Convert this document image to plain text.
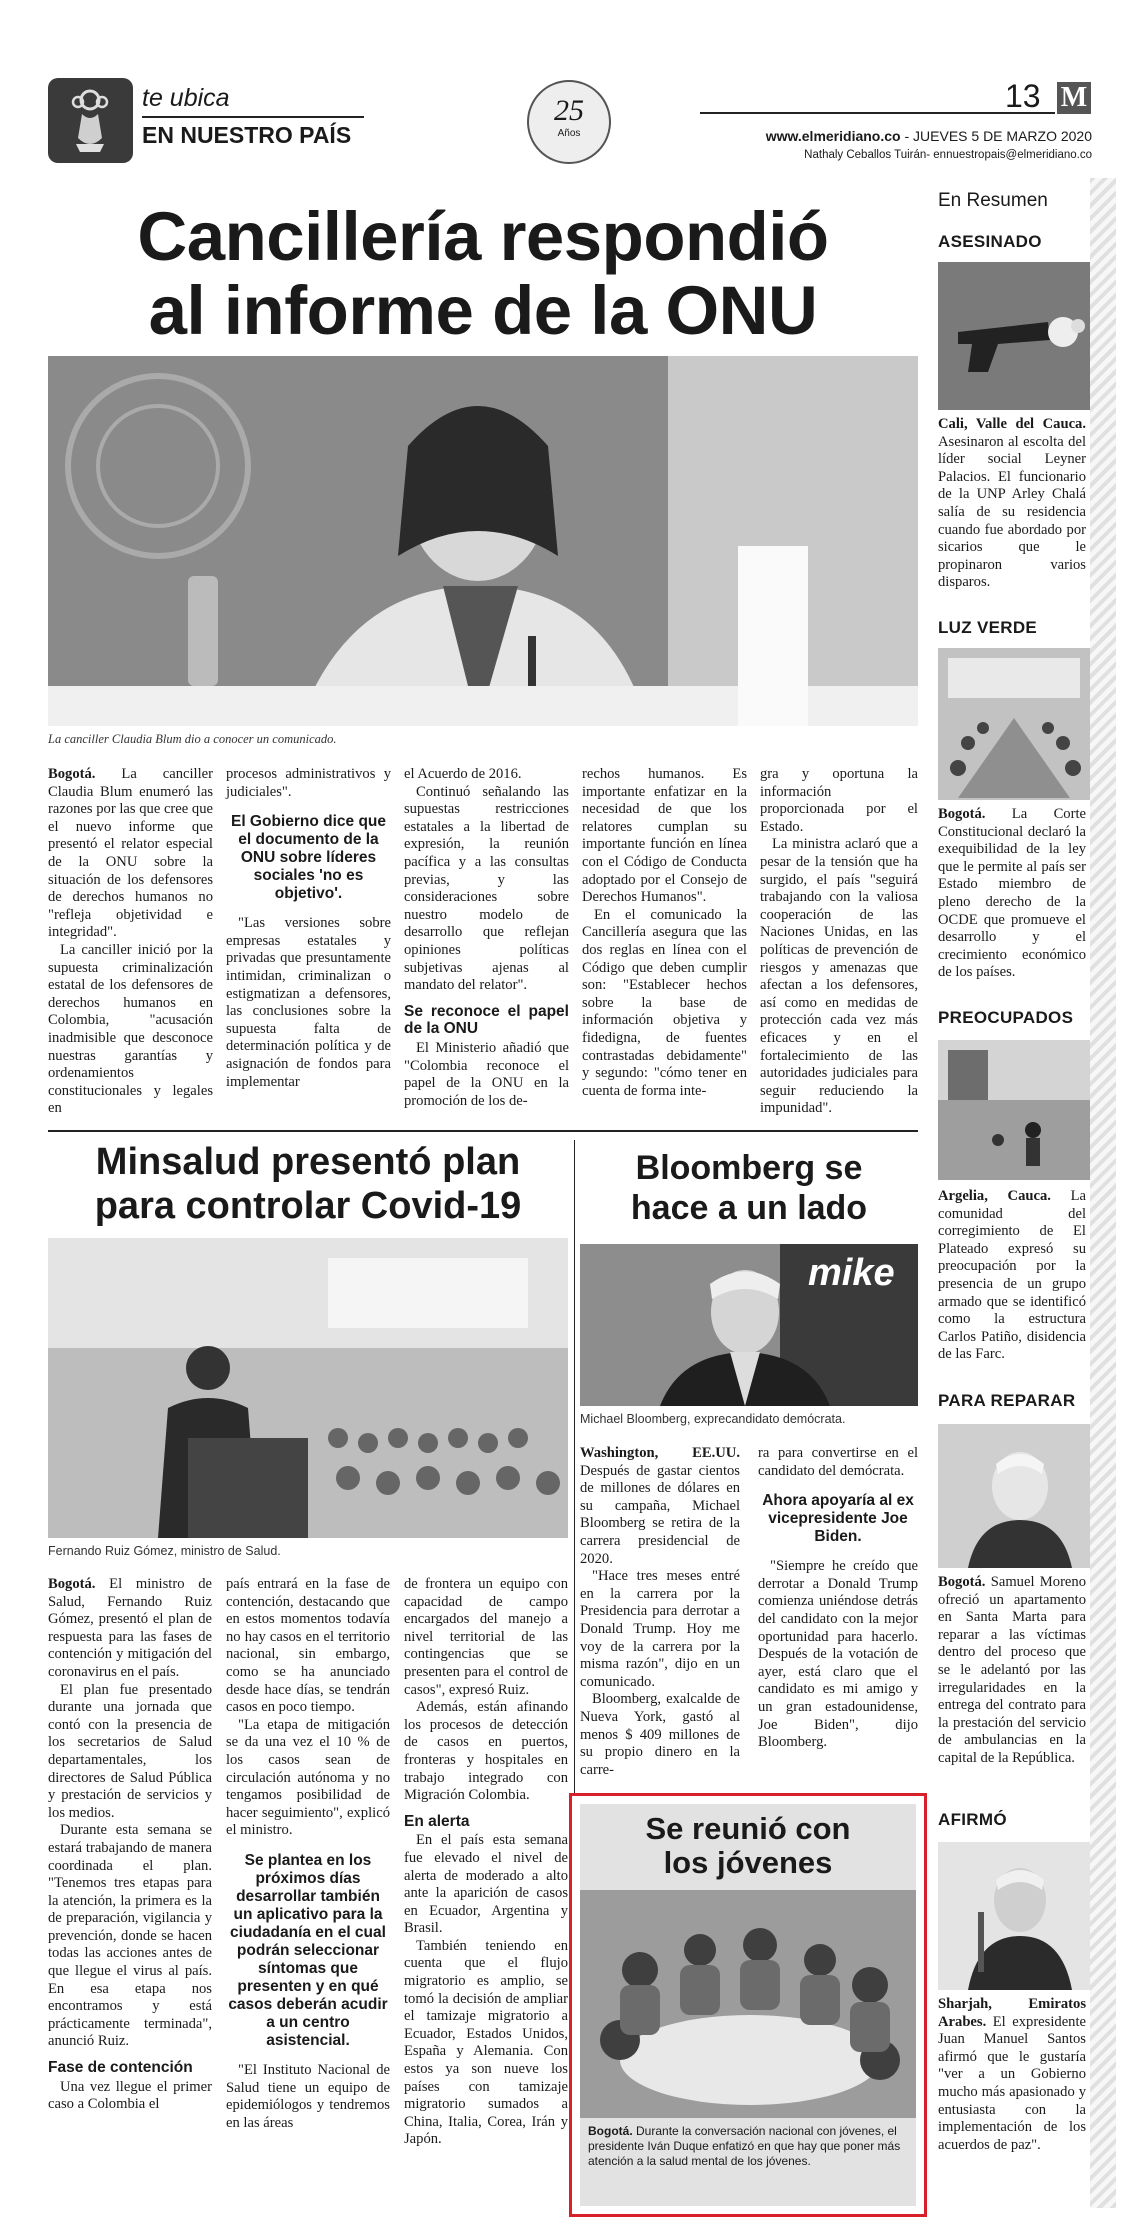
te ubica
EN NUESTRO PAÍS
25
Años
13 M
www.elmeridiano.co - JUEVES 5 DE MARZO 2020
Nathaly Ceballos Tuirán- ennuestropais@elmeridiano.co
Cancillería respondió
al informe de la ONU
La canciller Claudia Blum dio a conocer un comunicado.

Bogotá. La canciller Claudia Blum enumeró las razones por las que cree que el nuevo informe que presentó el relator especial de la ONU sobre la situación de los defensores de derechos humanos no "refleja objetividad e integridad".

La canciller inició por la supuesta criminalización estatal de los defensores de derechos humanos en Colombia, "acusación inadmisible que desconoce nuestras garantías y ordenamientos constitucionales y legales en

procesos administrativos y judiciales".

El Gobierno dice que el documento de la ONU sobre líderes sociales 'no es objetivo'.

"Las versiones sobre empresas estatales y privadas que presuntamente intimidan, criminalizan o estigmatizan a defensores, las conclusiones sobre la supuesta falta de determinación política y de asignación de fondos para implementar

el Acuerdo de 2016.

Continuó señalando las supuestas restricciones estatales a la libertad de expresión, la reunión pacífica y a las consultas previas, y las consideraciones sobre nuestro modelo de desarrollo que reflejan opiniones políticas subjetivas ajenas al mandato del relator".

Se reconoce el papel de la ONU

El Ministerio añadió que "Colombia reconoce el papel de la ONU en la promoción de los de-

rechos humanos. Es importante enfatizar en la necesidad de que los relatores cumplan su importante función en línea con el Código de Conducta adoptado por el Consejo de Derechos Humanos".

En el comunicado la Cancillería asegura que las dos reglas en línea con el Código que deben cumplir son: "Establecer hechos sobre la base de información objetiva y fidedigna, de fuentes contrastadas debidamente" y segundo: "cómo tener en cuenta de forma inte-

gra y oportuna la información proporcionada por el Estado.

La ministra aclaró que a pesar de la tensión que ha surgido, el país "seguirá trabajando con la valiosa cooperación de las Naciones Unidas, en las políticas de prevención de riesgos y amenazas que afectan a los defensores, así como en medidas de protección cada vez más eficaces y en el fortalecimiento de las autoridades judiciales para seguir reduciendo la impunidad".

Minsalud presentó plan
para controlar Covid-19
Fernando Ruiz Gómez, ministro de Salud.

Bogotá. El ministro de Salud, Fernando Ruiz Gómez, presentó el plan de respuesta para las fases de contención y mitigación del coronavirus en el país.

El plan fue presentado durante una jornada que contó con la presencia de los secretarios de Salud departamentales, los directores de Salud Pública y prestación de servicios y los medios.

Durante esta semana se estará trabajando de manera coordinada el plan. "Tenemos tres etapas para la atención, la primera es la de preparación, vigilancia y prevención, donde se hacen todas las acciones antes de que llegue el virus al país. En esa etapa nos encontramos y está prácticamente terminada", anunció Ruiz.

Fase de contención

Una vez llegue el primer caso a Colombia el

país entrará en la fase de contención, destacando que en estos momentos todavía no hay casos en el territorio nacional, sin embargo, como se ha anunciado desde hace días, se tendrán casos en poco tiempo.

"La etapa de mitigación se da una vez el 10 % de los casos sean de circulación autónoma y no tengamos posibilidad de hacer seguimiento", explicó el ministro.

Se plantea en los próximos días desarrollar también un aplicativo para la ciudadanía en el cual podrán seleccionar síntomas que presenten y en qué casos deberán acudir a un centro asistencial.

"El Instituto Nacional de Salud tiene un equipo de epidemiólogos y tendremos en las áreas

de frontera un equipo con capacidad de campo encargados del manejo a nivel territorial de las contingencias que se presenten para el control de casos", expresó Ruiz.

Además, están afinando los procesos de detección de casos en puertos, fronteras y hospitales en trabajo integrado con Migración Colombia.

En alerta

En el país esta semana fue elevado el nivel de alerta de moderado a alto ante la aparición de casos en Ecuador, Argentina y Brasil.

También teniendo en cuenta que el flujo migratorio es amplio, se tomó la decisión de ampliar el tamizaje migratorio a Ecuador, Estados Unidos, España y Alemania. Con estos ya son nueve los países con tamizaje migratorio sumados a China, Italia, Corea, Irán y Japón.

Bloomberg se
hace a un lado
mike
Michael Bloomberg, exprecandidato demócrata.

Washington, EE.UU. Después de gastar cientos de millones de dólares en su campaña, Michael Bloomberg se retira de la carrera presidencial de 2020.

"Hace tres meses entré en la carrera por la Presidencia para derrotar a Donald Trump. Hoy me voy de la carrera por la misma razón", dijo en un comunicado.

Bloomberg, exalcalde de Nueva York, gastó al menos $ 409 millones de su propio dinero en la carre-

ra para convertirse en el candidato del demócrata.

Ahora apoyaría al ex vicepresidente Joe Biden.

"Siempre he creído que derrotar a Donald Trump comienza uniéndose detrás del candidato con la mejor oportunidad para hacerlo. Después de la votación de ayer, está claro que el candidato es mi amigo y un gran estadounidense, Joe Biden", dijo Bloomberg.

Se reunió con
los jóvenes
Bogotá. Durante la conversación nacional con jóvenes, el presidente Iván Duque enfatizó en que hay que poner más atención a la salud mental de los jóvenes.
En Resumen
ASESINADO
Cali, Valle del Cauca. Asesinaron al escolta del líder social Leyner Palacios. El funcionario de la UNP Arley Chalá salía de su residencia cuando fue abordado por sicarios que le propinaron varios disparos.
LUZ VERDE
Bogotá. La Corte Constitucional declaró la exequibilidad de la ley que le permite al país ser Estado miembro de pleno derecho de la OCDE que promueve el desarrollo y el crecimiento económico de los países.
PREOCUPADOS
Argelia, Cauca. La comunidad del corregimiento de El Plateado expresó su preocupación por la presencia de un grupo armado que se identificó como la estructura Carlos Patiño, disidencia de las Farc.
PARA REPARAR
Bogotá. Samuel Moreno ofreció un apartamento en Santa Marta para reparar a las víctimas dentro del proceso que se le adelantó por las irregularidades en la entrega del contrato para la prestación del servicio de ambulancias en la capital de la República.
AFIRMÓ
Sharjah, Emiratos Arabes. El expresidente Juan Manuel Santos afirmó que le gustaría "ver a un Gobierno mucho más apasionado y entusiasta con la implementación de los acuerdos de paz".
